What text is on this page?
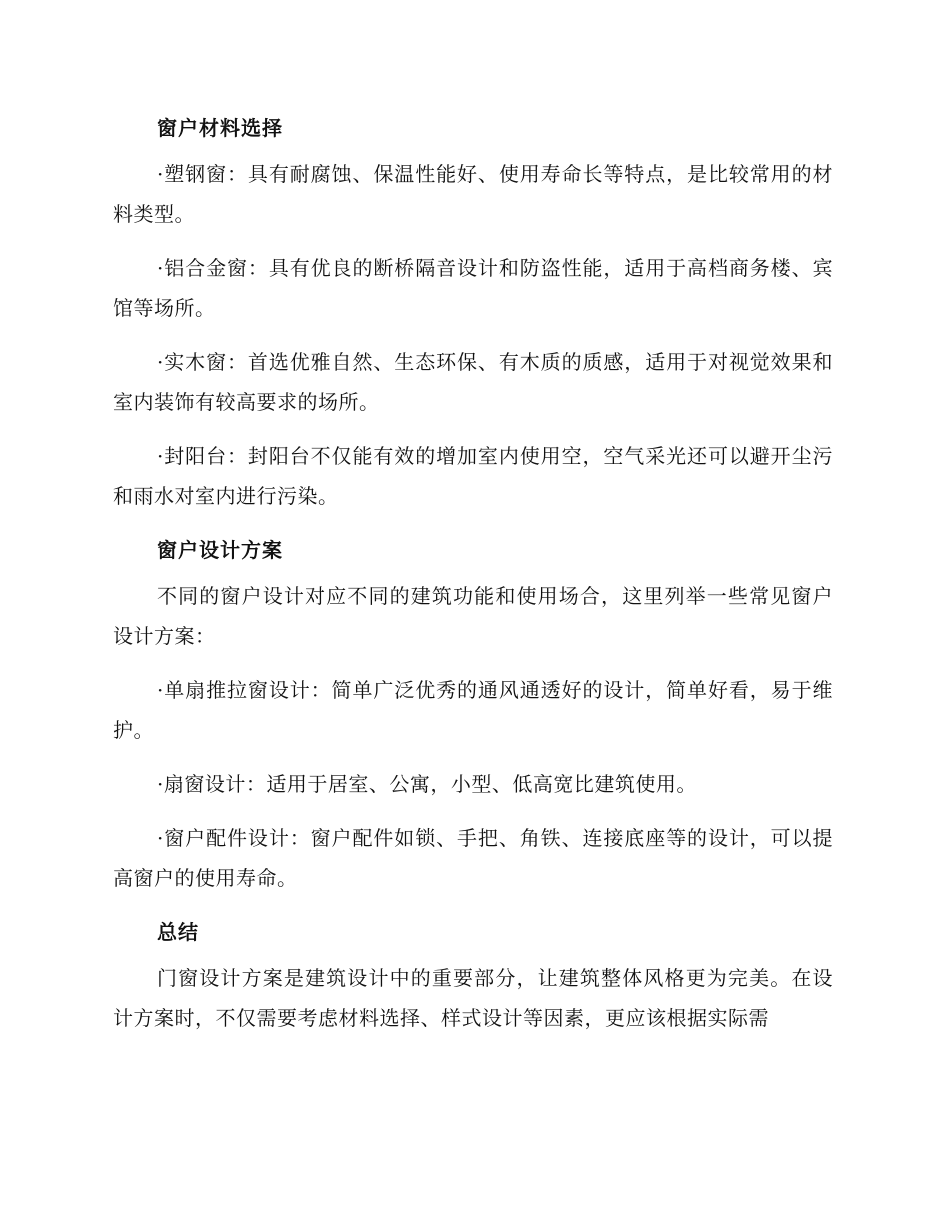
窗户材料选择

·塑钢窗：具有耐腐蚀、保温性能好、使用寿命长等特点，是比较常用的材料类型。

·铝合金窗：具有优良的断桥隔音设计和防盗性能，适用于高档商务楼、宾馆等场所。

·实木窗：首选优雅自然、生态环保、有木质的质感，适用于对视觉效果和室内装饰有较高要求的场所。

·封阳台：封阳台不仅能有效的增加室内使用空，空气采光还可以避开尘污和雨水对室内进行污染。

窗户设计方案

不同的窗户设计对应不同的建筑功能和使用场合，这里列举一些常见窗户设计方案：

·单扇推拉窗设计：简单广泛优秀的通风通透好的设计，简单好看，易于维护。

·扇窗设计：适用于居室、公寓，小型、低高宽比建筑使用。

·窗户配件设计：窗户配件如锁、手把、角铁、连接底座等的设计，可以提高窗户的使用寿命。

总结

门窗设计方案是建筑设计中的重要部分，让建筑整体风格更为完美。在设计方案时，不仅需要考虑材料选择、样式设计等因素，更应该根据实际需
